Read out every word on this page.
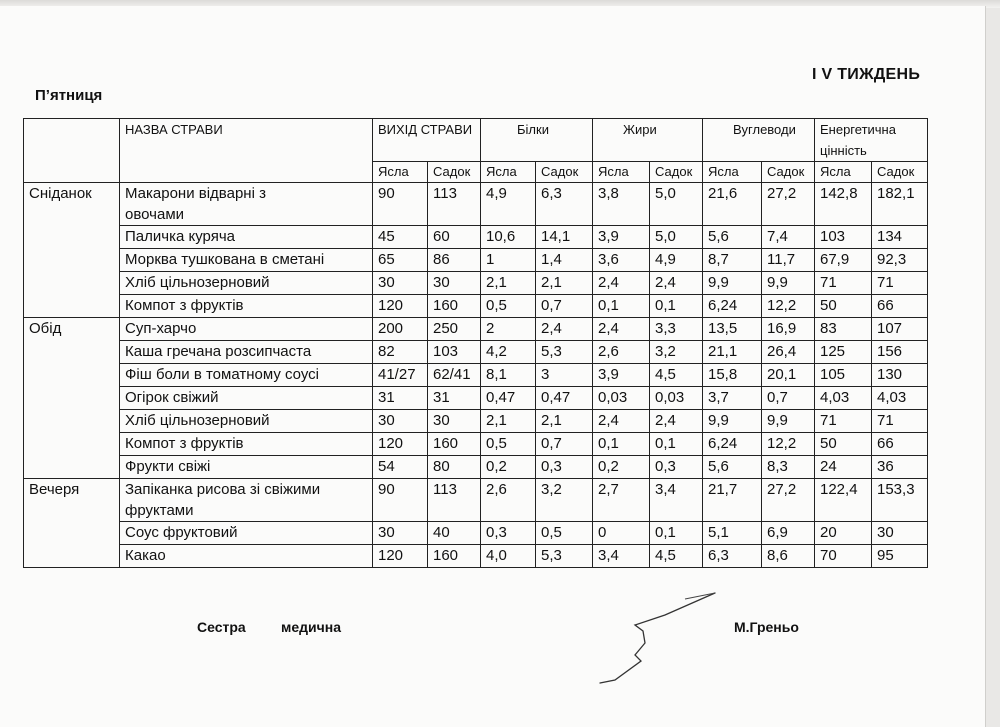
I V ТИЖДЕНЬ
П’ятниця
	НАЗВА СТРАВИ	ВИХІД СТРАВИ		Білки		Жири		Вуглеводи		Енергетична цінність	
		Ясла	Садок	Ясла	Садок	Ясла	Садок	Ясла	Садок	Ясла	Садок
Сніданок	Макарони відварні з овочами	90	113	4,9	6,3	3,8	5,0	21,6	27,2	142,8	182,1
	Паличка куряча	45	60	10,6	14,1	3,9	5,0	5,6	7,4	103	134
	Морква тушкована в сметані	65	86	1	1,4	3,6	4,9	8,7	11,7	67,9	92,3
	Хліб цільнозерновий	30	30	2,1	2,1	2,4	2,4	9,9	9,9	71	71
	Компот з фруктів	120	160	0,5	0,7	0,1	0,1	6,24	12,2	50	66
Обід	Суп-харчо	200	250	2	2,4	2,4	3,3	13,5	16,9	83	107
	Каша гречана розсипчаста	82	103	4,2	5,3	2,6	3,2	21,1	26,4	125	156
	Фіш боли в томатному соусі	41/27	62/41	8,1	3	3,9	4,5	15,8	20,1	105	130
	Огірок свіжий	31	31	0,47	0,47	0,03	0,03	3,7	0,7	4,03	4,03
	Хліб цільнозерновий	30	30	2,1	2,1	2,4	2,4	9,9	9,9	71	71
	Компот з фруктів	120	160	0,5	0,7	0,1	0,1	6,24	12,2	50	66
	Фрукти свіжі	54	80	0,2	0,3	0,2	0,3	5,6	8,3	24	36
Вечеря	Запіканка рисова зі свіжими фруктами	90	113	2,6	3,2	2,7	3,4	21,7	27,2	122,4	153,3
	Соус фруктовий	30	40	0,3	0,5	0	0,1	5,1	6,9	20	30
	Какао	120	160	4,0	5,3	3,4	4,5	6,3	8,6	70	95
Сестра	медична	М.Греньо
